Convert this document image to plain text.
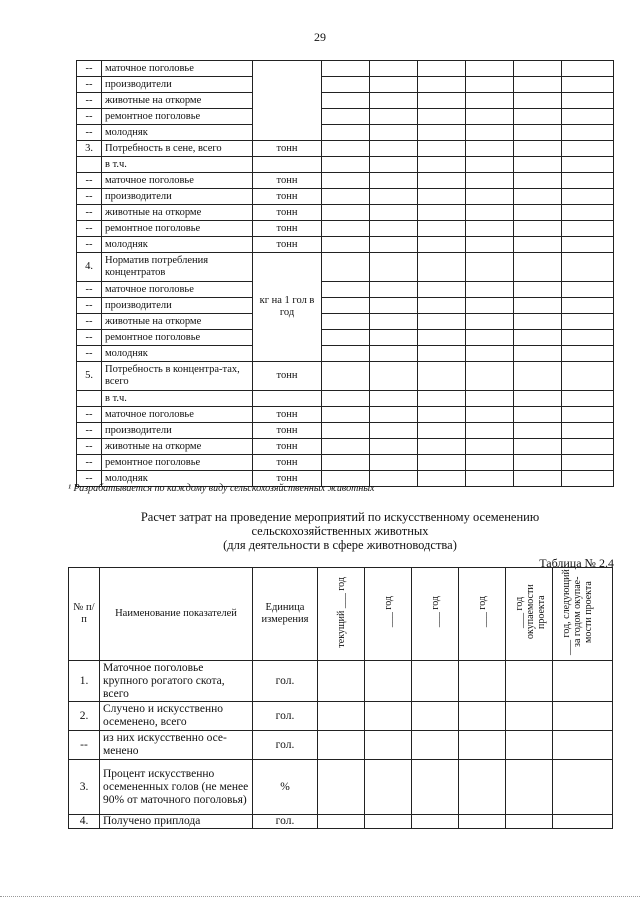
29
--	маточное поголовье							
--	производители							
--	животные на откорме							
--	ремонтное поголовье							
--	молодняк							
3.	Потребность в сене, всего	тонн						
	в т.ч.							
--	маточное поголовье	тонн						
--	производители	тонн						
--	животные на откорме	тонн						
--	ремонтное поголовье	тонн						
--	молодняк	тонн						
4.	Норматив потребления концентратов	кг на 1 гол в год						
--	маточное поголовье							
--	производители							
--	животные на откорме							
--	ремонтное поголовье							
--	молодняк							
5.	Потребность в концентра-тах, всего	тонн						
	в т.ч.							
--	маточное поголовье	тонн						
--	производители	тонн						
--	животные на откорме	тонн						
--	ремонтное поголовье	тонн						
--	молодняк	тонн						
¹ Разрабатывается по каждому виду сельскохозяйственных животных
Расчет затрат на проведение мероприятий по искусственному осеменению
сельскохозяйственных животных
(для деятельности в сфере животноводства)
Таблица № 2.4
№ п/п	Наименование показателей	Единица измерения	текущий ___ год	___ год	___ год	___ год	___ год окупаемости проекта	___ год, следующий за годом окупае-мости проекта
1.	Маточное поголовье крупного рогатого скота, всего	гол.						
2.	Случено и искусственно осеменено, всего	гол.						
--	из них искусственно осе-менено	гол.						
3.	Процент искусственно осемененных голов (не менее 90% от маточного поголовья)	%						
4.	Получено приплода	гол.						
